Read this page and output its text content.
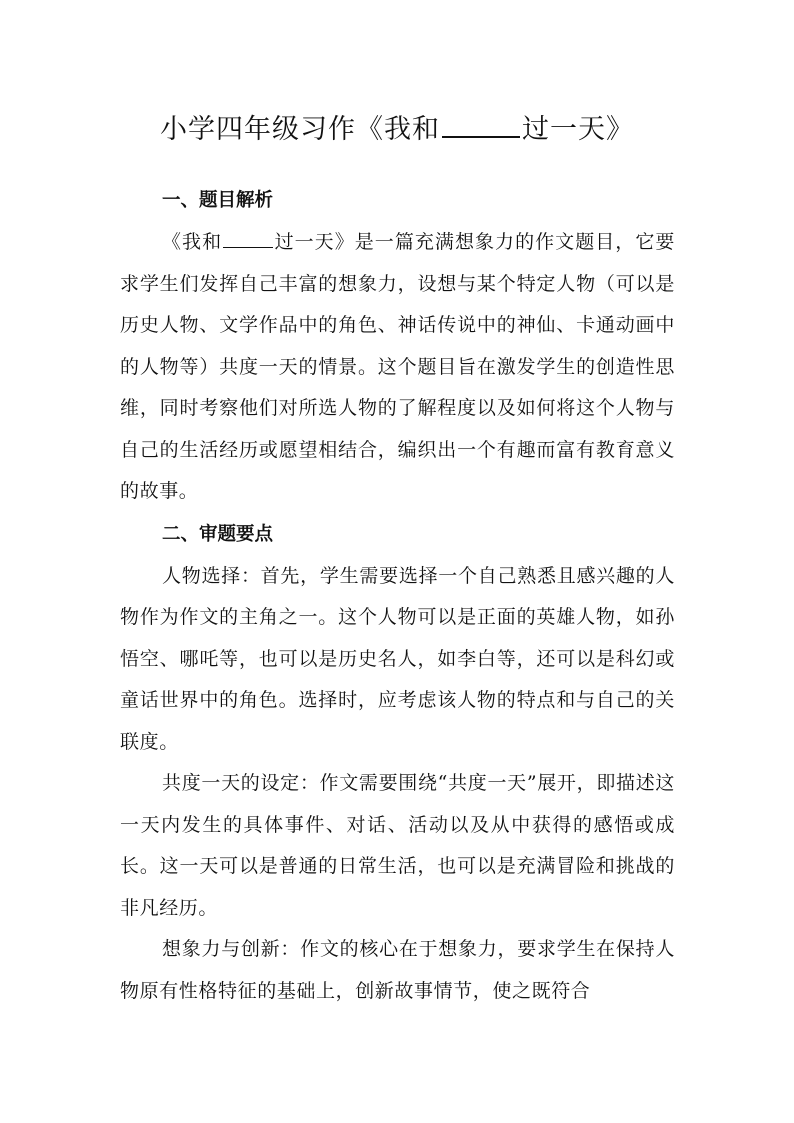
小学四年级习作《我和	过一天》

一、题目解析

《我和	过一天》是一篇充满想象力的作文题目，它要求学生们发挥自己丰富的想象力，设想与某个特定人物（可以是历史人物、文学作品中的角色、神话传说中的神仙、卡通动画中的人物等）共度一天的情景。这个题目旨在激发学生的创造性思维，同时考察他们对所选人物的了解程度以及如何将这个人物与自己的生活经历或愿望相结合，编织出一个有趣而富有教育意义的故事。

二、审题要点

人物选择：首先，学生需要选择一个自己熟悉且感兴趣的人物作为作文的主角之一。这个人物可以是正面的英雄人物，如孙悟空、哪吒等，也可以是历史名人，如李白等，还可以是科幻或童话世界中的角色。选择时，应考虑该人物的特点和与自己的关联度。

共度一天的设定：作文需要围绕“共度一天”展开，即描述这一天内发生的具体事件、对话、活动以及从中获得的感悟或成长。这一天可以是普通的日常生活，也可以是充满冒险和挑战的非凡经历。

想象力与创新：作文的核心在于想象力，要求学生在保持人物原有性格特征的基础上，创新故事情节，使之既符合
